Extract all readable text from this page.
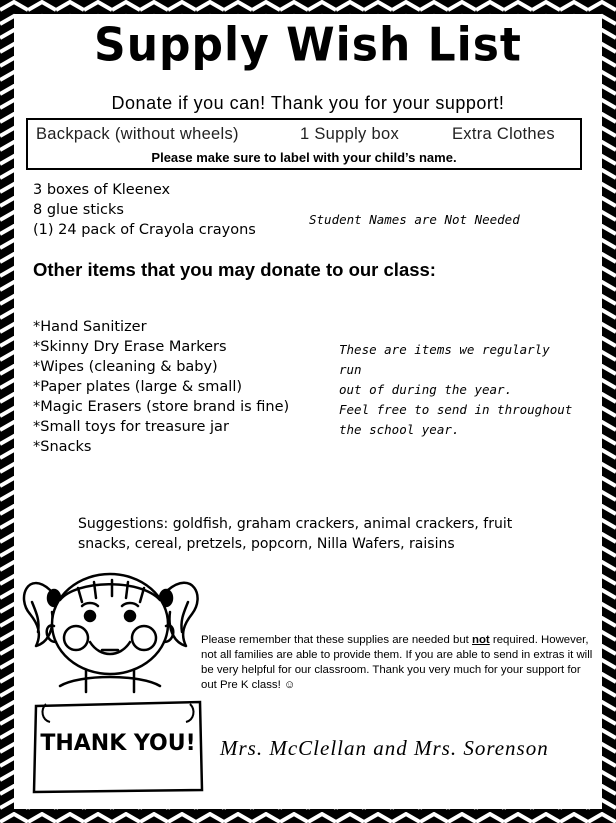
Supply Wish List
Donate if you can! Thank you for your support!
Backpack (without wheels)	1 Supply box	Extra Clothes
Please make sure to label with your child’s name.
3 boxes of Kleenex
8 glue sticks
(1) 24 pack of Crayola crayons
Student Names are Not Needed
Other items that you may donate to our class:
*Hand Sanitizer
*Skinny Dry Erase Markers
*Wipes (cleaning & baby)
*Paper plates (large & small)
*Magic Erasers (store brand is fine)
*Small toys for treasure jar
*Snacks
These are items we regularly run
out of during the year.
Feel free to send in throughout
the school year.
Suggestions: goldfish, graham crackers, animal crackers, fruit snacks, cereal, pretzels, popcorn, Nilla Wafers, raisins
THANK YOU!
Please remember that these supplies are needed but not required. However, not all families are able to provide them. If you are able to send in extras it will be very helpful for our classroom. Thank you very much for your support for out Pre K class! ☺
Mrs. McClellan and Mrs. Sorenson
